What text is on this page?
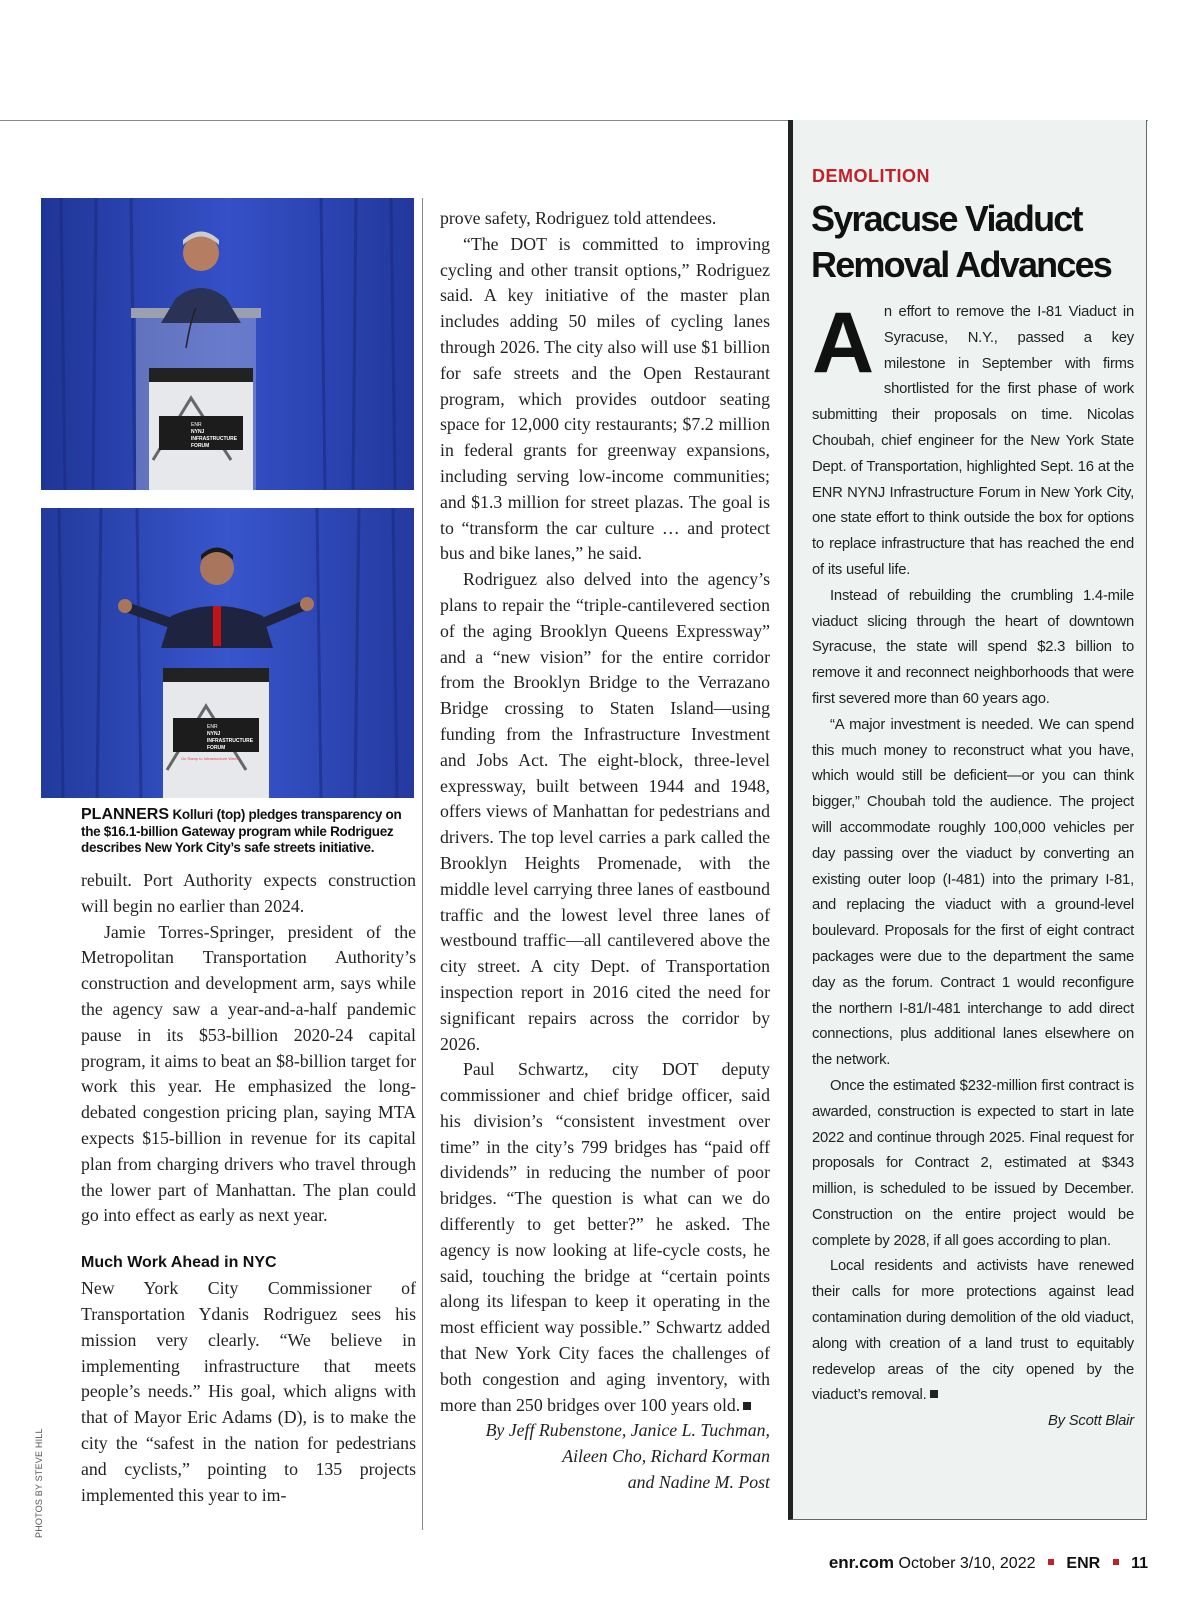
ENR
NYNJ
INFRASTRUCTURE
FORUM
ENR
NYNJ
INFRASTRUCTURE
FORUM
On Ramp to Infrastructure Week
PLANNERS Kolluri (top) pledges transparency on the $16.1-billion Gateway program while Rodriguez describes New York City’s safe streets initiative.
PHOTOS BY STEVE HILL

rebuilt. Port Authority expects construction will begin no earlier than 2024.

Jamie Torres-Springer, president of the Metropolitan Transportation Authority’s construction and development arm, says while the agency saw a year-and-a-half pandemic pause in its $53-billion 2020-24 capital program, it aims to beat an $8-billion target for work this year. He emphasized the long-debated congestion pricing plan, saying MTA expects $15-billion in revenue for its capital plan from charging drivers who travel through the lower part of Manhattan. The plan could go into effect as early as next year.

Much Work Ahead in NYC

New York City Commissioner of Transportation Ydanis Rodriguez sees his mission very clearly. “We believe in implementing infrastructure that meets people’s needs.” His goal, which aligns with that of Mayor Eric Adams (D), is to make the city the “safest in the nation for pedestrians and cyclists,” pointing to 135 projects implemented this year to im-

prove safety, Rodriguez told attendees.

“The DOT is committed to improving cycling and other transit options,” Rodriguez said. A key initiative of the master plan includes adding 50 miles of cycling lanes through 2026. The city also will use $1 billion for safe streets and the Open Restaurant program, which provides outdoor seating space for 12,000 city restaurants; $7.2 million in federal grants for greenway expansions, including serving low-income communities; and $1.3 million for street plazas. The goal is to “transform the car culture … and protect bus and bike lanes,” he said.

Rodriguez also delved into the agency’s plans to repair the “triple-cantilevered section of the aging Brooklyn Queens Expressway” and a “new vision” for the entire corridor from the Brooklyn Bridge to the Verrazano Bridge crossing to Staten Island—using funding from the Infrastructure Investment and Jobs Act. The eight-block, three-level expressway, built between 1944 and 1948, offers views of Manhattan for pedestrians and drivers. The top level carries a park called the Brooklyn Heights Promenade, with the middle level carrying three lanes of eastbound traffic and the lowest level three lanes of westbound traffic—all cantilevered above the city street. A city Dept. of Transportation inspection report in 2016 cited the need for significant repairs across the corridor by 2026.

Paul Schwartz, city DOT deputy commissioner and chief bridge officer, said his division’s “consistent investment over time” in the city’s 799 bridges has “paid off dividends” in reducing the number of poor bridges. “The question is what can we do differently to get better?” he asked. The agency is now looking at life-cycle costs, he said, touching the bridge at “certain points along its lifespan to keep it operating in the most efficient way possible.” Schwartz added that New York City faces the challenges of both congestion and aging inventory, with more than 250 bridges over 100 years old.

By Jeff Rubenstone, Janice L. Tuchman,

Aileen Cho, Richard Korman

and Nadine M. Post

DEMOLITION
Syracuse Viaduct Removal Advances

An effort to remove the I-81 Viaduct in Syracuse, N.Y., passed a key milestone in September with firms shortlisted for the first phase of work submitting their proposals on time. Nicolas Choubah, chief engineer for the New York State Dept. of Transportation, highlighted Sept. 16 at the ENR NYNJ Infrastructure Forum in New York City, one state effort to think outside the box for options to replace infrastructure that has reached the end of its useful life.

Instead of rebuilding the crumbling 1.4-mile viaduct slicing through the heart of downtown Syracuse, the state will spend $2.3 billion to remove it and reconnect neighborhoods that were first severed more than 60 years ago.

“A major investment is needed. We can spend this much money to reconstruct what you have, which would still be deficient—or you can think bigger,” Choubah told the audience. The project will accommodate roughly 100,000 vehicles per day passing over the viaduct by converting an existing outer loop (I-481) into the primary I-81, and replacing the viaduct with a ground-level boulevard. Proposals for the first of eight contract packages were due to the department the same day as the forum. Contract 1 would reconfigure the northern I-81/I-481 interchange to add direct connections, plus additional lanes elsewhere on the network.

Once the estimated $232-million first contract is awarded, construction is expected to start in late 2022 and continue through 2025. Final request for proposals for Contract 2, estimated at $343 million, is scheduled to be issued by December. Construction on the entire project would be complete by 2028, if all goes according to plan.

Local residents and activists have renewed their calls for more protections against lead contamination during demolition of the old viaduct, along with creation of a land trust to equitably redevelop areas of the city opened by the viaduct’s removal.

By Scott Blair

enr.com October 3/10, 2022 ENR 11
